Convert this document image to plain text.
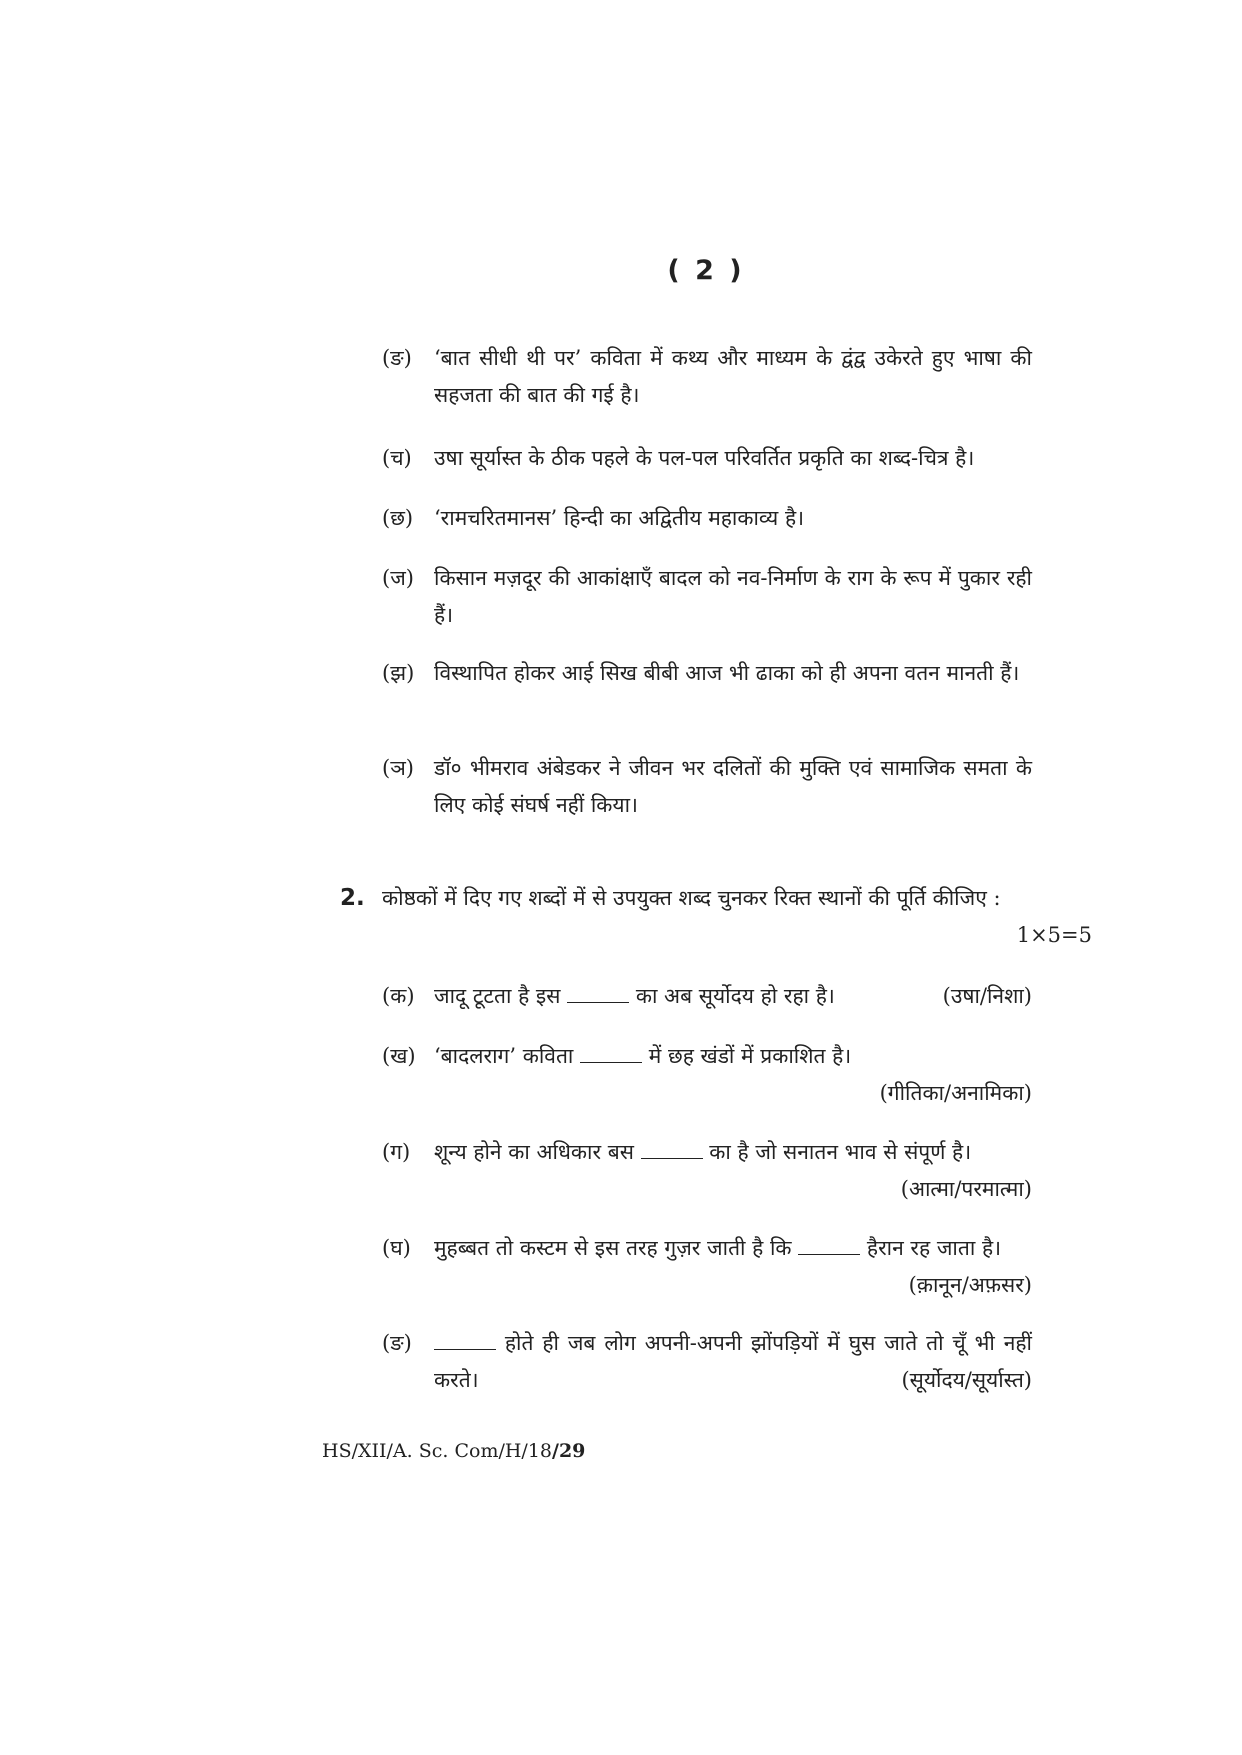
( 2 )
(ङ) ‘बात सीधी थी पर’ कविता में कथ्य और माध्यम के द्वंद्व उकेरते हुए भाषा की सहजता की बात की गई है।
(च) उषा सूर्यास्त के ठीक पहले के पल-पल परिवर्तित प्रकृति का शब्द-चित्र है।
(छ) ‘रामचरितमानस’ हिन्दी का अद्वितीय महाकाव्य है।
(ज) किसान मज़दूर की आकांक्षाएँ बादल को नव-निर्माण के राग के रूप में पुकार रही हैं।
(झ) विस्थापित होकर आई सिख बीबी आज भी ढाका को ही अपना वतन मानती हैं।
(ञ) डॉ० भीमराव अंबेडकर ने जीवन भर दलितों की मुक्ति एवं सामाजिक समता के लिए कोई संघर्ष नहीं किया।
2. कोष्ठकों में दिए गए शब्दों में से उपयुक्त शब्द चुनकर रिक्त स्थानों की पूर्ति कीजिए :
1×5=5
(क) जादू टूटता है इस	का अब सूर्योदय हो रहा है।	(उषा/निशा)
(ख) ‘बादलराग’ कविता	में छह खंडों में प्रकाशित है।
(गीतिका/अनामिका)
(ग) शून्य होने का अधिकार बस	का है जो सनातन भाव से संपूर्ण है।
(आत्मा/परमात्मा)
(घ) मुहब्बत तो कस्टम से इस तरह गुज़र जाती है कि	हैरान रह जाता है।
(क़ानून/अफ़सर)
(ङ)	होते ही जब लोग अपनी-अपनी झोंपड़ियों में घुस जाते तो चूँ भी नहीं करते।	(सूर्योदय/सूर्यास्त)
HS/XII/A. Sc. Com/H/18/29
